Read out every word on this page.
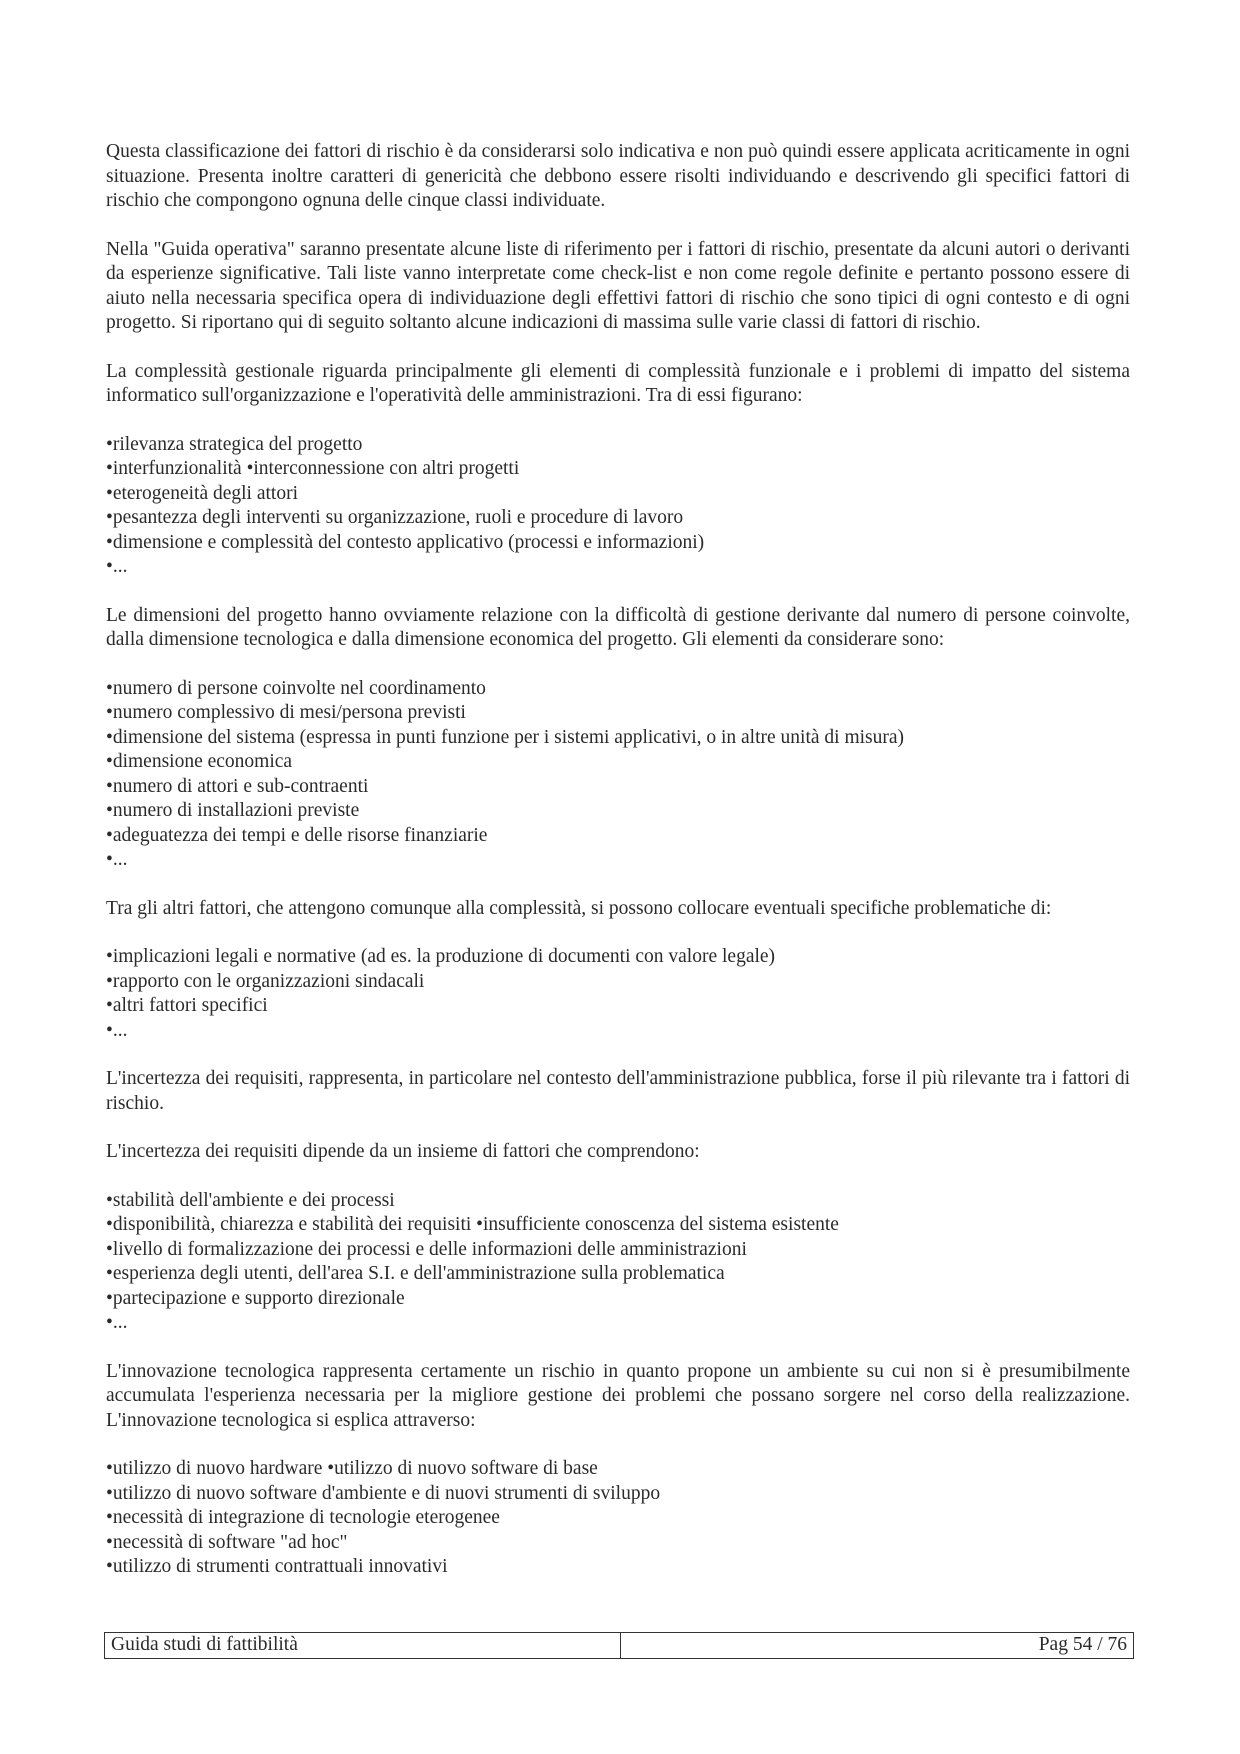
Questa classificazione dei fattori di rischio è da considerarsi solo indicativa e non può quindi essere applicata acriticamente in ogni situazione. Presenta inoltre caratteri di genericità che debbono essere risolti individuando e descrivendo gli specifici fattori di rischio che compongono ognuna delle cinque classi individuate.

Nella "Guida operativa" saranno presentate alcune liste di riferimento per i fattori di rischio, presentate da alcuni autori o derivanti da esperienze significative. Tali liste vanno interpretate come check-list e non come regole definite e pertanto possono essere di aiuto nella necessaria specifica opera di individuazione degli effettivi fattori di rischio che sono tipici di ogni contesto e di ogni progetto. Si riportano qui di seguito soltanto alcune indicazioni di massima sulle varie classi di fattori di rischio.

La complessità gestionale riguarda principalmente gli elementi di complessità funzionale e i problemi di impatto del sistema informatico sull'organizzazione e l'operatività delle amministrazioni. Tra di essi figurano:

•rilevanza strategica del progetto
•interfunzionalità •interconnessione con altri progetti
•eterogeneità degli attori
•pesantezza degli interventi su organizzazione, ruoli e procedure di lavoro
•dimensione e complessità del contesto applicativo (processi e informazioni)
•...

Le dimensioni del progetto hanno ovviamente relazione con la difficoltà di gestione derivante dal numero di persone coinvolte, dalla dimensione tecnologica e dalla dimensione economica del progetto. Gli elementi da considerare sono:

•numero di persone coinvolte nel coordinamento
•numero complessivo di mesi/persona previsti
•dimensione del sistema (espressa in punti funzione per i sistemi applicativi, o in altre unità di misura)
•dimensione economica
•numero di attori e sub-contraenti
•numero di installazioni previste
•adeguatezza dei tempi e delle risorse finanziarie
•...

Tra gli altri fattori, che attengono comunque alla complessità, si possono collocare eventuali specifiche problematiche di:

•implicazioni legali e normative (ad es. la produzione di documenti con valore legale)
•rapporto con le organizzazioni sindacali
•altri fattori specifici
•...

L'incertezza dei requisiti, rappresenta, in particolare nel contesto dell'amministrazione pubblica, forse il più rilevante tra i fattori di rischio.

L'incertezza dei requisiti dipende da un insieme di fattori che comprendono:

•stabilità dell'ambiente e dei processi
•disponibilità, chiarezza e stabilità dei requisiti •insufficiente conoscenza del sistema esistente
•livello di formalizzazione dei processi e delle informazioni delle amministrazioni
•esperienza degli utenti, dell'area S.I. e dell'amministrazione sulla problematica
•partecipazione e supporto direzionale
•...

L'innovazione tecnologica rappresenta certamente un rischio in quanto propone un ambiente su cui non si è presumibilmente accumulata l'esperienza necessaria per la migliore gestione dei problemi che possano sorgere nel corso della realizzazione. L'innovazione tecnologica si esplica attraverso:

•utilizzo di nuovo hardware •utilizzo di nuovo software di base
•utilizzo di nuovo software d'ambiente e di nuovi strumenti di sviluppo
•necessità di integrazione di tecnologie eterogenee
•necessità di software "ad hoc"
•utilizzo di strumenti contrattuali innovativi
Guida studi di fattibilità	Pag 54 / 76
